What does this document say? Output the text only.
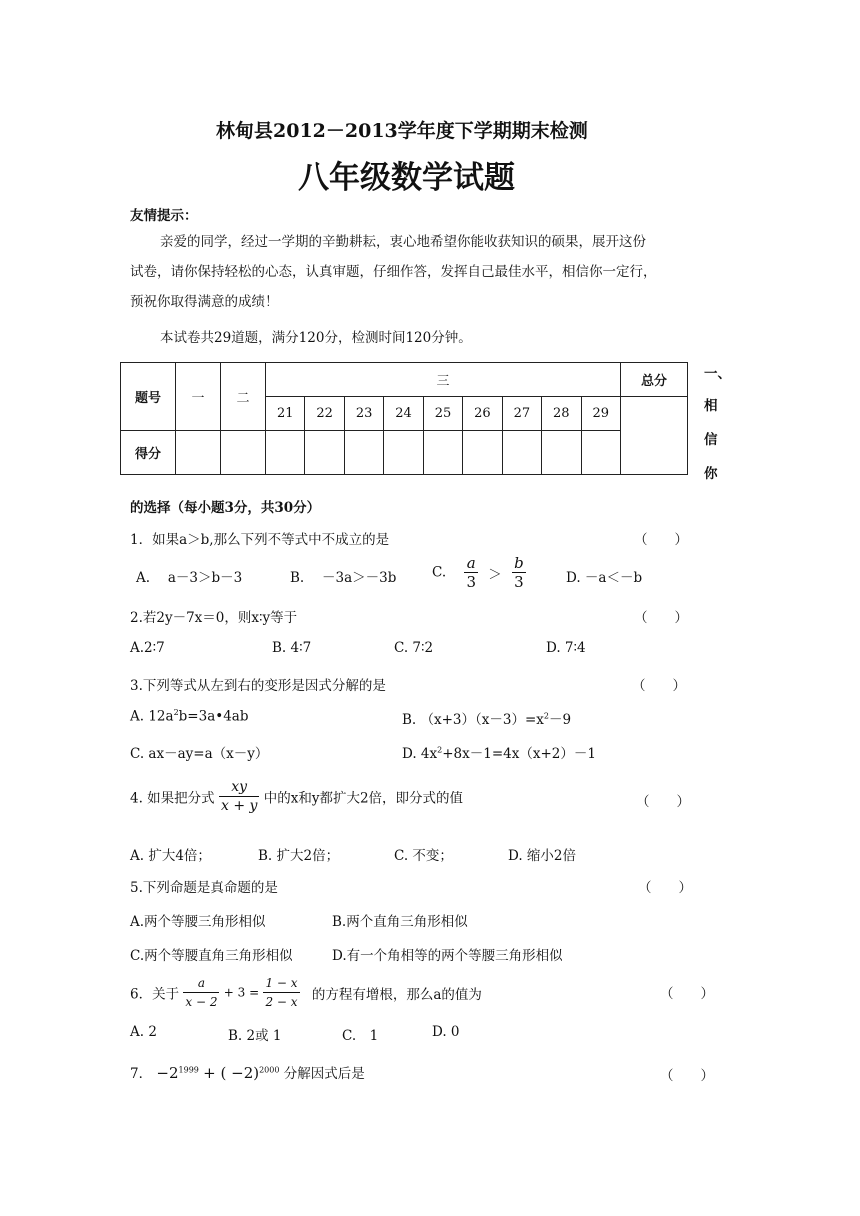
林甸县2012－2013学年度下学期期末检测
八年级数学试题
友情提示：
亲爱的同学，经过一学期的辛勤耕耘，衷心地希望你能收获知识的硕果，展开这份
试卷，请你保持轻松的心态，认真审题，仔细作答，发挥自己最佳水平，相信你一定行，
预祝你取得满意的成绩！
本试卷共29道题，满分120分，检测时间120分钟。
题号	一	二	三									总分
			21	22	23	24	25	26	27	28	29	
得分												
一、
相
信
你
的选择（每小题3分，共30分）
1．如果a＞b,那么下列不等式中不成立的是	（　　）
A.　 a－3＞b－3	B.　 －3a＞－3b	C. $\frac{a}{3} > \frac{b}{3}$	D. －a＜－b
2.若2y－7x＝0，则x∶y等于	（　　）
A.2∶7	B. 4∶7	C. 7∶2	D. 7∶4
3.下列等式从左到右的变形是因式分解的是	（　　）
A. $12a^2b=3a•4ab$	B. $(x+3)(x-3)=x^2-9$
C. ax－ay=a（x－y）	D. $4x^2+8x-1=4x(x+2)-1$
4. 如果把分式 $\frac{xy}{x + y}$ 中的x和y都扩大2倍，即分式的值	（　　）
A. 扩大4倍；	B. 扩大2倍；	C. 不变；	D. 缩小2倍
5.下列命题是真命题的是	（　　）
A.两个等腰三角形相似	B.两个直角三角形相似
C.两个等腰直角三角形相似	D.有一个角相等的两个等腰三角形相似
6．关于 $\frac{a}{x - 2} + 3 = \frac{1 - x}{2 - x}$ 的方程有增根，那么a的值为	（　　）
A. 2	B. 2或 1	C.　1	D. 0
7． $-2^{1999}$ + ( −2)$^{2000}$ 分解因式后是	（　　）
